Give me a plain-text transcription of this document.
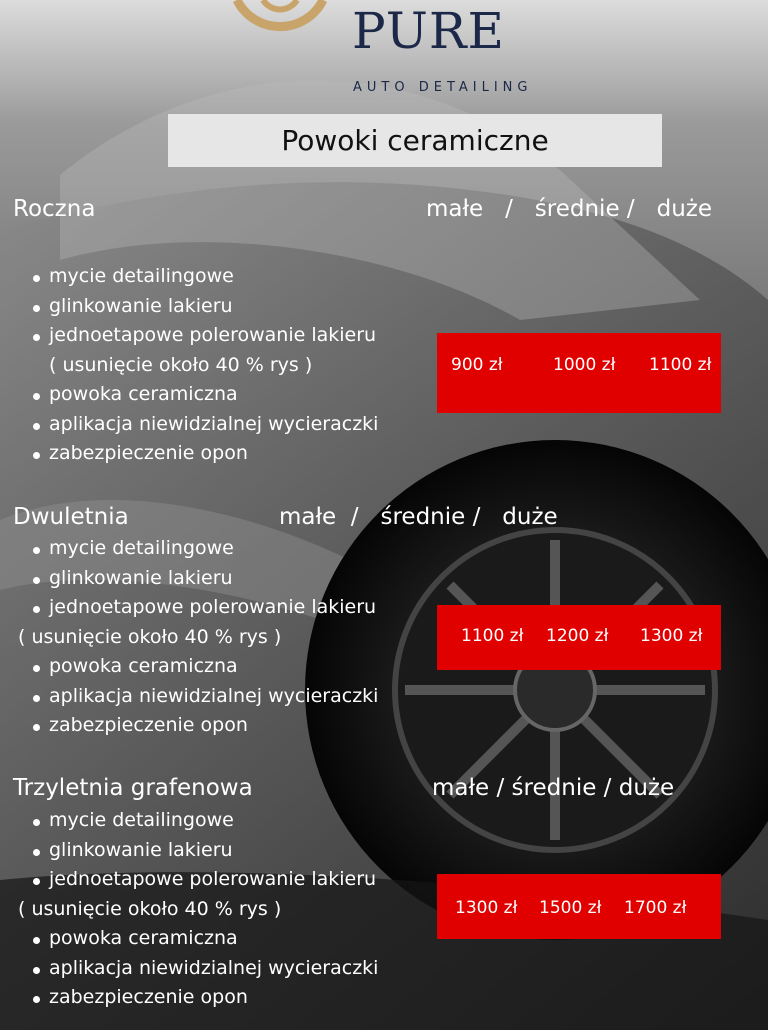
PURE
AUTO DETAILING
Powoki ceramiczne
Roczna	małe   /   średnie /   duże
mycie detailingowe
glinkowanie lakieru
jednoetapowe polerowanie lakieru
( usunięcie około 40 % rys )
powoka ceramiczna
aplikacja niewidzialnej wycieraczki
zabezpieczenie opon
900 zł	1000 zł 1100 zł
Dwuletnia	małe  /   średnie /   duże
mycie detailingowe
glinkowanie lakieru
jednoetapowe polerowanie lakieru
( usunięcie około 40 % rys )
powoka ceramiczna
aplikacja niewidzialnej wycieraczki
zabezpieczenie opon
1100 zł 1200 zł 1300 zł
Trzyletnia grafenowa	małe / średnie / duże
mycie detailingowe
glinkowanie lakieru
jednoetapowe polerowanie lakieru
( usunięcie około 40 % rys )
powoka ceramiczna
aplikacja niewidzialnej wycieraczki
zabezpieczenie opon
1300 zł 1500 zł 1700 zł
